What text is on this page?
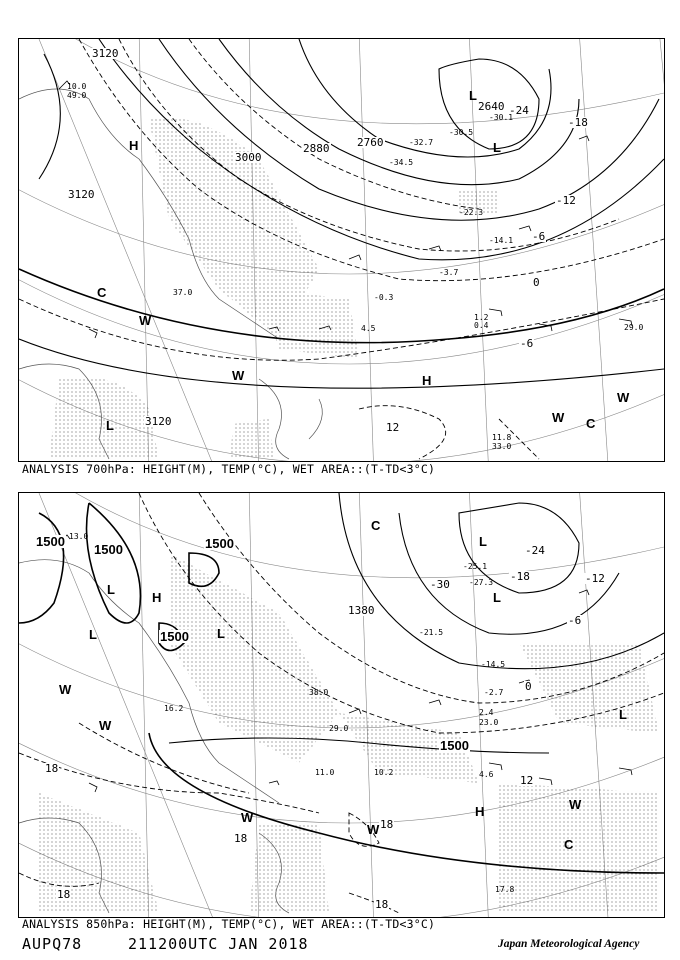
3120
3120
3120
3000
2880	2760
2640 -24
-18
-12
-6
0
-6
12
H
H
L
L
L
C
C
W
W
W
W
10.0
49.0
-30.1
-30.5
-32.7
-34.5
-22.3
-14.1
-3.7
-0.3
4.5
1.2
0.4
11.8
33.0
29.0
37.0
ANALYSIS 700hPa: HEIGHT(M), TEMP(°C), WET AREA::(T-TD<3°C)
1500
1500	1500
1500
1500
1380
-30
-24
-18	-12
-6
0
12
18
18
18
18
18
H
H
L
L	L
L
L
L
C
C
W
W
W
W
W
13.0
-25.1
-27.3
-21.5
-14.5
-2.7
2.4
4.6
10.2
11.0
16.2
17.8
23.0
29.0
38.0
ANALYSIS 850hPa: HEIGHT(M), TEMP(°C), WET AREA::(T-TD<3°C)
AUPQ78	211200UTC JAN 2018	Japan Meteorological Agency
